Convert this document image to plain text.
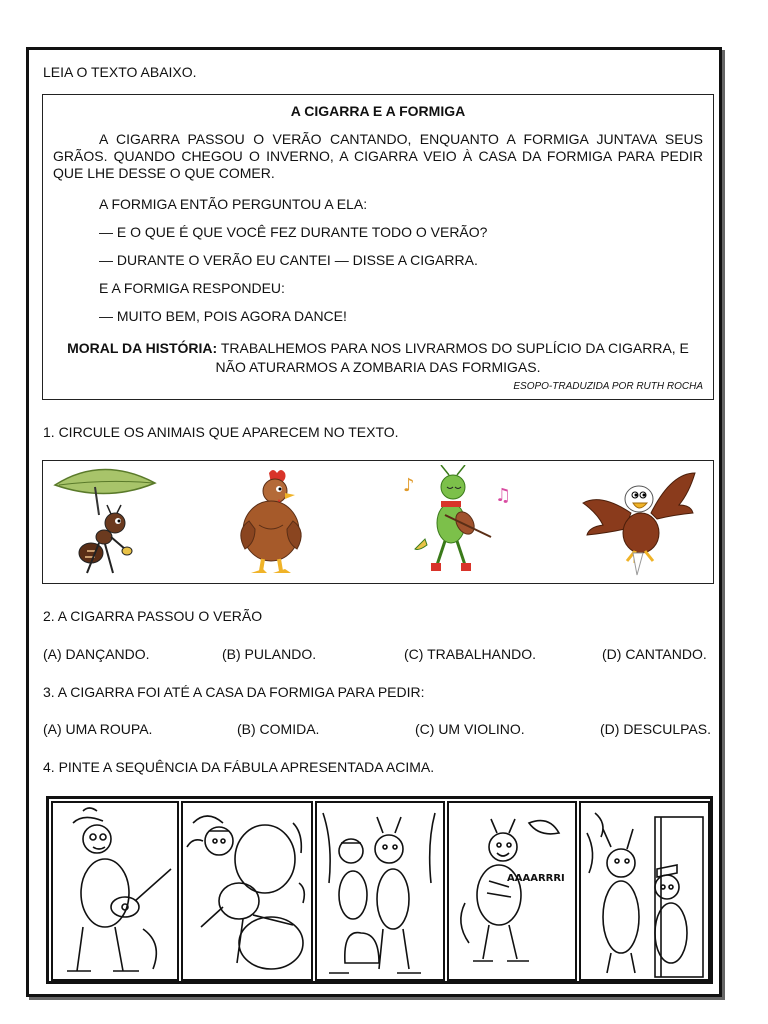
LEIA O TEXTO ABAIXO.
A CIGARRA E A FORMIGA
A CIGARRA PASSOU O VERÃO CANTANDO, ENQUANTO A FORMIGA JUNTAVA SEUS GRÃOS. QUANDO CHEGOU O INVERNO, A CIGARRA VEIO À CASA DA FORMIGA PARA PEDIR QUE LHE DESSE O QUE COMER.
A FORMIGA ENTÃO PERGUNTOU A ELA:
— E O QUE É QUE VOCÊ FEZ DURANTE TODO O VERÃO?
— DURANTE O VERÃO EU CANTEI — DISSE A CIGARRA.
E A FORMIGA RESPONDEU:
— MUITO BEM, POIS AGORA DANCE!
MORAL DA HISTÓRIA: TRABALHEMOS PARA NOS LIVRARMOS DO SUPLÍCIO DA CIGARRA, E
NÃO ATURARMOS A ZOMBARIA DAS FORMIGAS.
ESOPO-TRADUZIDA POR RUTH ROCHA
1. CIRCULE OS ANIMAIS QUE APARECEM NO TEXTO.
♪	♫
2. A CIGARRA PASSOU O VERÃO
(A) DANÇANDO.	(B) PULANDO.	(C) TRABALHANDO.	(D) CANTANDO.
3. A CIGARRA FOI ATÉ A CASA DA FORMIGA PARA PEDIR:
(A) UMA ROUPA.	(B) COMIDA.	(C) UM VIOLINO.	(D) DESCULPAS.
4. PINTE A SEQUÊNCIA DA FÁBULA APRESENTADA ACIMA.
AAAARRRI
